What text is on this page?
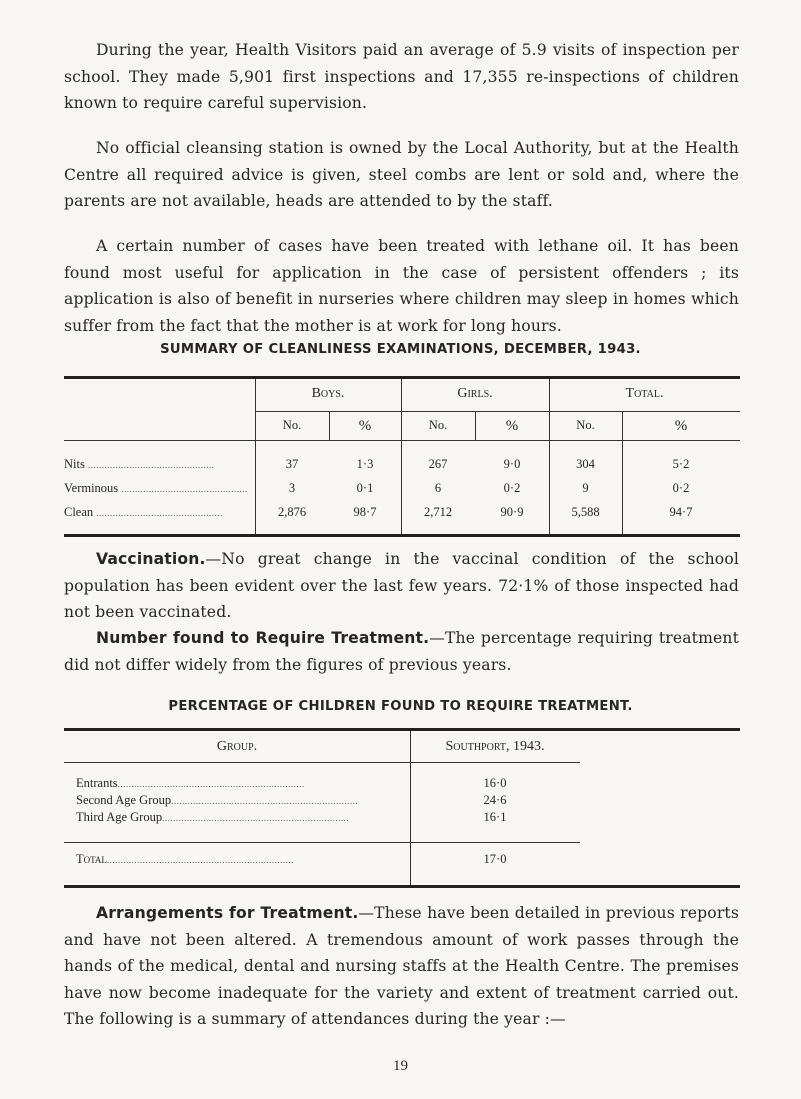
During the year, Health Visitors paid an average of 5.9 visits of inspection per school. They made 5,901 first inspections and 17,355 re-inspections of children known to require careful supervision.

No official cleansing station is owned by the Local Authority, but at the Health Centre all required advice is given, steel combs are lent or sold and, where the parents are not available, heads are attended to by the staff.

A certain number of cases have been treated with lethane oil. It has been found most useful for application in the case of persistent offenders ; its application is also of benefit in nurseries where children may sleep in homes which suffer from the fact that the mother is at work for long hours.

SUMMARY OF CLEANLINESS EXAMINATIONS, DECEMBER, 1943.

Boys.	Girls.	Total.
No.	%	No.	%	No.	%
Nits ..............................................	37	1·3	267	9·0	304	5·2
Verminous ..............................................	3	0·1	6	0·2	9	0·2
Clean ..............................................	2,876	98·7	2,712	90·9	5,588	94·7

Vaccination.—No great change in the vaccinal condition of the school population has been evident over the last few years. 72·1% of those inspected had not been vaccinated.

Number found to Require Treatment.—The percentage requiring treatment did not differ widely from the figures of previous years.

PERCENTAGE OF CHILDREN FOUND TO REQUIRE TREATMENT.

Group.	Southport, 1943.
Entrants....................................................................	16·0
Second Age Group....................................................................	24·6
Third Age Group....................................................................	16·1
Total....................................................................	17·0

Arrangements for Treatment.—These have been detailed in previous reports and have not been altered. A tremendous amount of work passes through the hands of the medical, dental and nursing staffs at the Health Centre. The premises have now become inadequate for the variety and extent of treatment carried out. The following is a summary of attendances during the year :—

19
